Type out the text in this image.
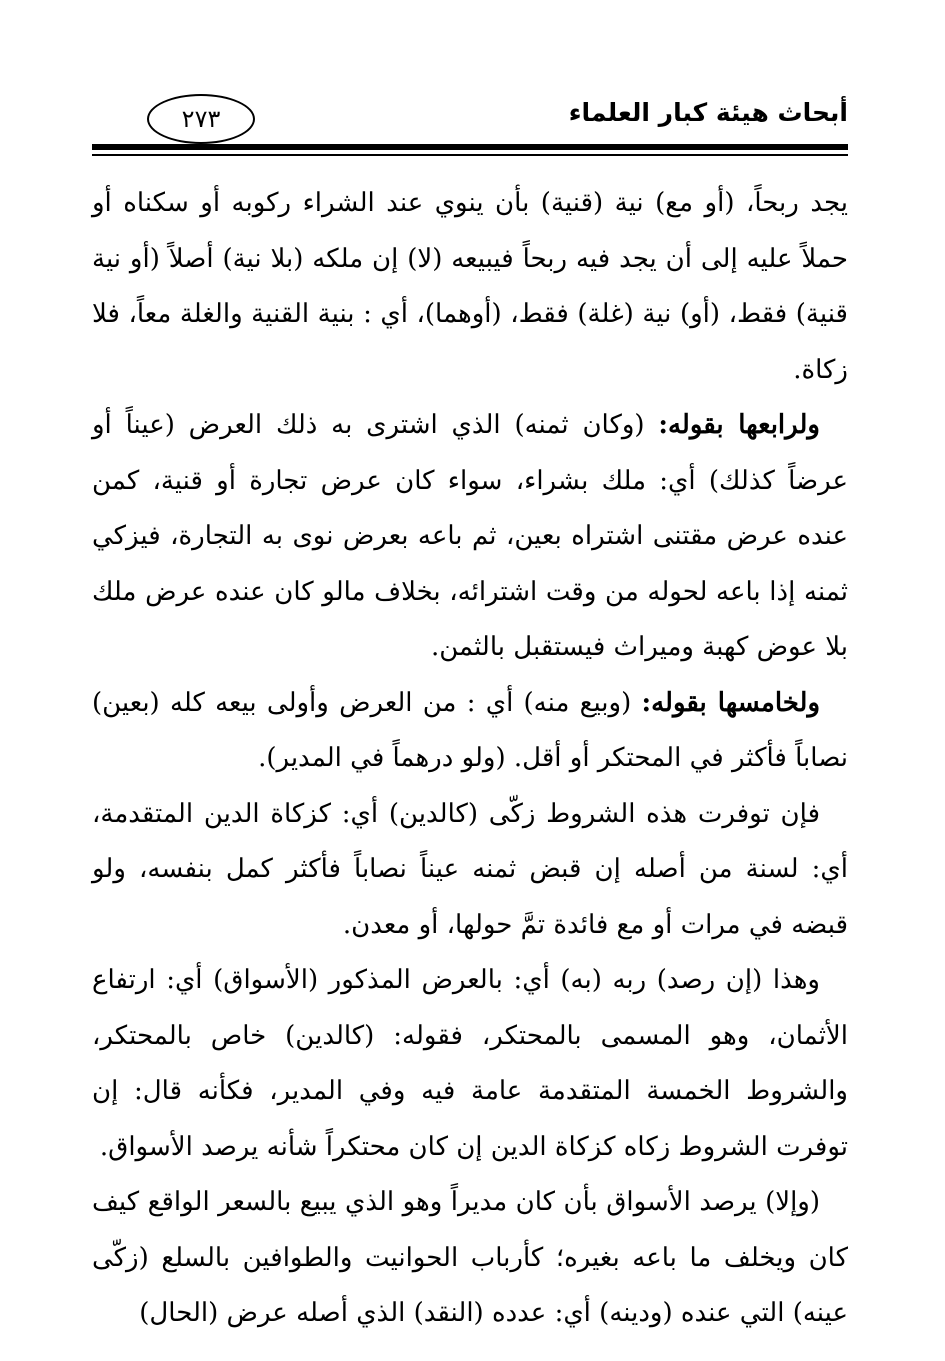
أبحاث هيئة كبار العلماء
٢٧٣

يجد ربحاً، (أو مع) نية (قنية) بأن ينوي عند الشراء ركوبه أو سكناه أو حملاً عليه إلى أن يجد فيه ربحاً فيبيعه (لا) إن ملكه (بلا نية) أصلاً (أو نية قنية) فقط، (أو) نية (غلة) فقط، (أوهما)، أي : بنية القنية والغلة معاً، فلا زكاة.

ولرابعها بقوله: (وكان ثمنه) الذي اشترى به ذلك العرض (عيناً أو عرضاً كذلك) أي: ملك بشراء، سواء كان عرض تجارة أو قنية، كمن عنده عرض مقتنى اشتراه بعين، ثم باعه بعرض نوى به التجارة، فيزكي ثمنه إذا باعه لحوله من وقت اشترائه، بخلاف مالو كان عنده عرض ملك بلا عوض كهبة وميراث فيستقبل بالثمن.

ولخامسها بقوله: (وبيع منه) أي : من العرض وأولى بيعه كله (بعين) نصاباً فأكثر في المحتكر أو أقل. (ولو درهماً في المدير).

فإن توفرت هذه الشروط زكّى (كالدين) أي: كزكاة الدين المتقدمة، أي: لسنة من أصله إن قبض ثمنه عيناً نصاباً فأكثر كمل بنفسه، ولو قبضه في مرات أو مع فائدة تمَّ حولها، أو معدن.

وهذا (إن رصد) ربه (به) أي: بالعرض المذكور (الأسواق) أي: ارتفاع الأثمان، وهو المسمى بالمحتكر، فقوله: (كالدين) خاص بالمحتكر، والشروط الخمسة المتقدمة عامة فيه وفي المدير، فكأنه قال: إن توفرت الشروط زكاه كزكاة الدين إن كان محتكراً شأنه يرصد الأسواق.

(وإلا) يرصد الأسواق بأن كان مديراً وهو الذي يبيع بالسعر الواقع كيف كان ويخلف ما باعه بغيره؛ كأرباب الحوانيت والطوافين بالسلع (زكّى عينه) التي عنده (ودينه) أي: عدده (النقد) الذي أصله عرض (الحال)
